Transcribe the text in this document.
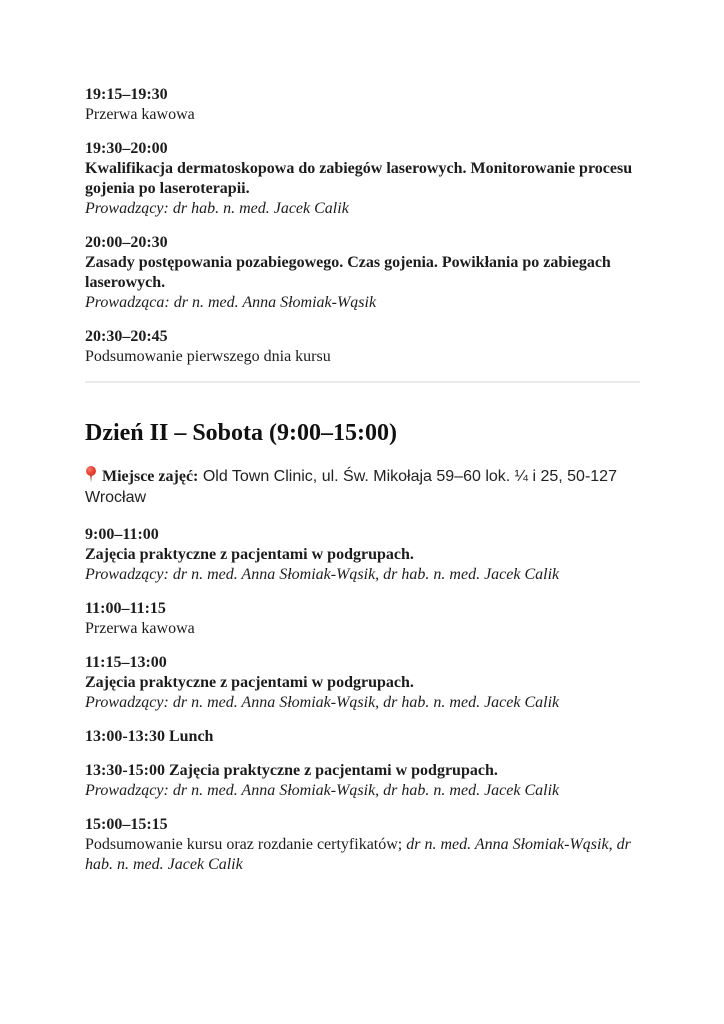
19:15–19:30
Przerwa kawowa

19:30–20:00
Kwalifikacja dermatoskopowa do zabiegów laserowych. Monitorowanie procesu gojenia po laseroterapii.
Prowadzący: dr hab. n. med. Jacek Calik

20:00–20:30
Zasady postępowania pozabiegowego. Czas gojenia. Powikłania po zabiegach laserowych.
Prowadząca: dr n. med. Anna Słomiak-Wąsik

20:30–20:45
Podsumowanie pierwszego dnia kursu

Dzień II – Sobota (9:00–15:00)

Miejsce zajęć: Old Town Clinic, ul. Św. Mikołaja 59–60 lok. ¼ i 25, 50-127 Wrocław

9:00–11:00
Zajęcia praktyczne z pacjentami w podgrupach.
Prowadzący: dr n. med. Anna Słomiak-Wąsik, dr hab. n. med. Jacek Calik

11:00–11:15
Przerwa kawowa

11:15–13:00
Zajęcia praktyczne z pacjentami w podgrupach.
Prowadzący: dr n. med. Anna Słomiak-Wąsik, dr hab. n. med. Jacek Calik

13:00-13:30 Lunch

13:30-15:00 Zajęcia praktyczne z pacjentami w podgrupach.
Prowadzący: dr n. med. Anna Słomiak-Wąsik, dr hab. n. med. Jacek Calik

15:00–15:15
Podsumowanie kursu oraz rozdanie certyfikatów; dr n. med. Anna Słomiak-Wąsik, dr hab. n. med. Jacek Calik
